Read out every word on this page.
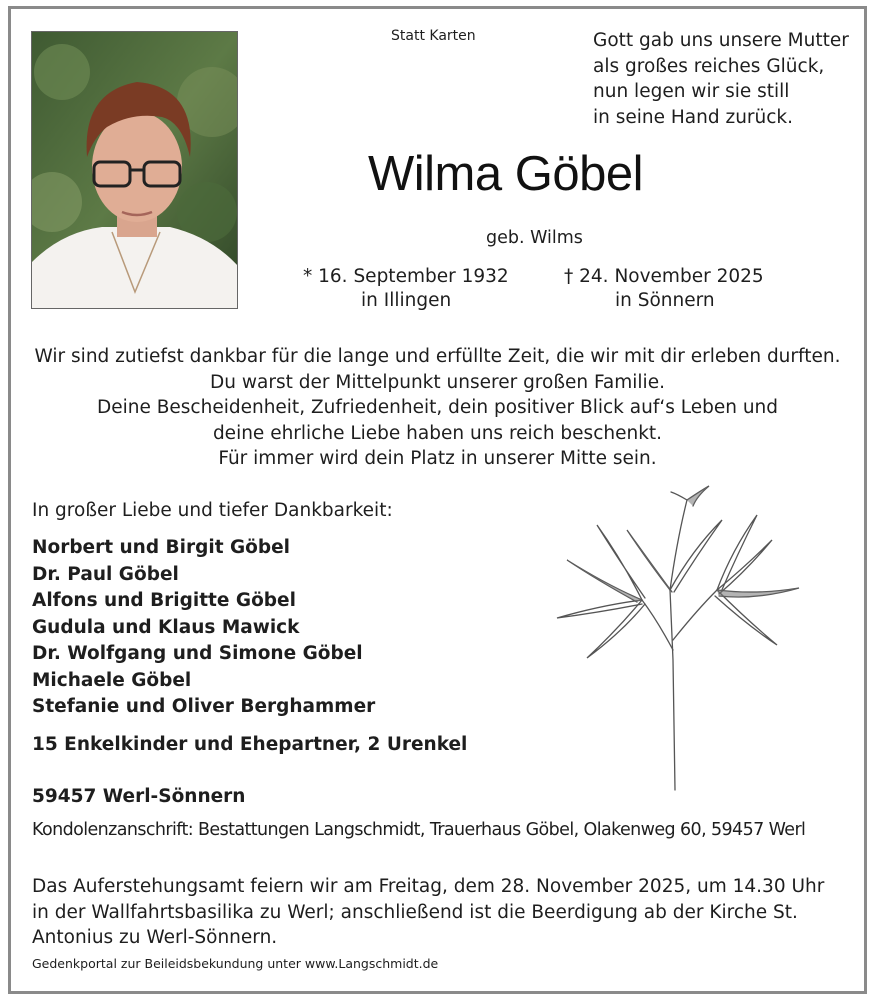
Statt Karten	Gott gab uns unsere Mutter
als großes reiches Glück,
nun legen wir sie still
in seine Hand zurück.
Wilma Göbel
geb. Wilms
* 16. September 1932	† 24. November 2025
in Illingen	in Sönnern
Wir sind zutiefst dankbar für die lange und erfüllte Zeit, die wir mit dir erleben durften.
Du warst der Mittelpunkt unserer großen Familie.
Deine Bescheidenheit, Zufriedenheit, dein positiver Blick auf‘s Leben und
deine ehrliche Liebe haben uns reich beschenkt.
Für immer wird dein Platz in unserer Mitte sein.
In großer Liebe und tiefer Dankbarkeit:
Norbert und Birgit Göbel
Dr. Paul Göbel
Alfons und Brigitte Göbel
Gudula und Klaus Mawick
Dr. Wolfgang und Simone Göbel
Michaele Göbel
Stefanie und Oliver Berghammer
15 Enkelkinder und Ehepartner, 2 Urenkel
59457 Werl-Sönnern
Kondolenzanschrift: Bestattungen Langschmidt, Trauerhaus Göbel, Olakenweg 60, 59457 Werl
Das Auferstehungsamt feiern wir am Freitag, dem 28. November 2025, um 14.30 Uhr
in der Wallfahrtsbasilika zu Werl; anschließend ist die Beerdigung ab der Kirche St.
Antonius zu Werl-Sönnern.
Gedenkportal zur Beileidsbekundung unter www.Langschmidt.de
